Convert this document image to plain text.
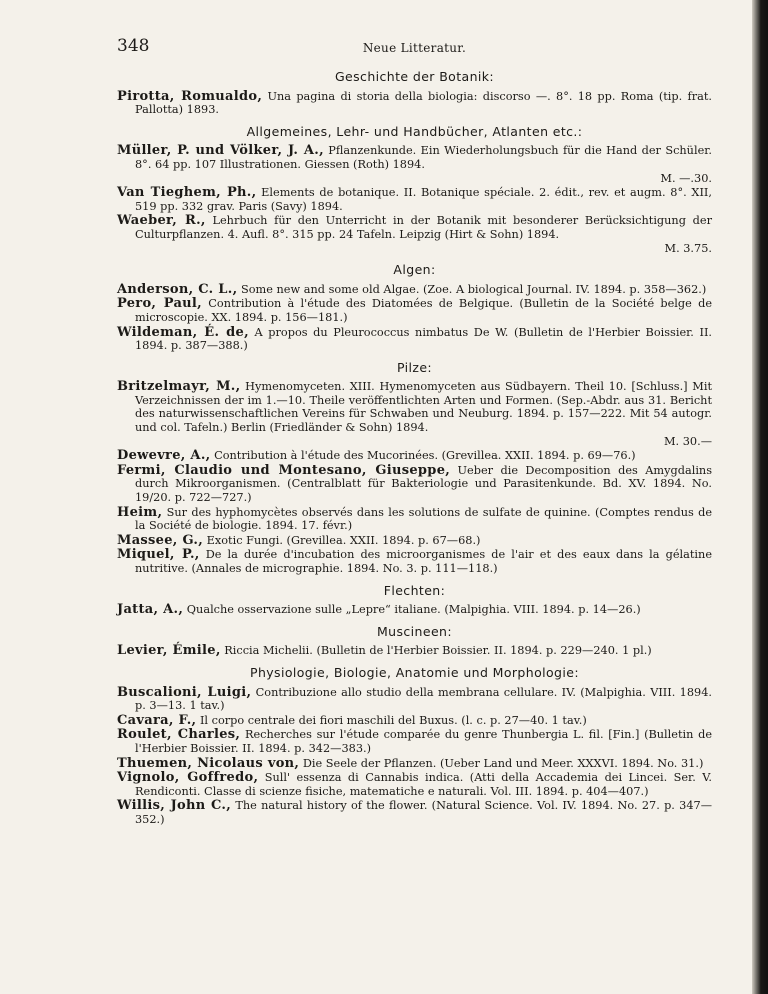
348	Neue Litteratur.
Geschichte der Botanik:
Pirotta, Romualdo, Una pagina di storia della biologia: discorso —. 8°. 18 pp. Roma (tip. frat. Pallotta) 1893.
Allgemeines, Lehr- und Handbücher, Atlanten etc.:
Müller, P. und Völker, J. A., Pflanzenkunde. Ein Wiederholungsbuch für die Hand der Schüler. 8°. 64 pp. 107 Illustrationen. Giessen (Roth) 1894.

M. —.30.
Van Tieghem, Ph., Elements de botanique. II. Botanique spéciale. 2. édit., rev. et augm. 8°. XII, 519 pp. 332 grav. Paris (Savy) 1894.
Waeber, R., Lehrbuch für den Unterricht in der Botanik mit besonderer Berücksichtigung der Culturpflanzen. 4. Aufl. 8°. 315 pp. 24 Tafeln. Leipzig (Hirt & Sohn) 1894.

M. 3.75.
Algen:
Anderson, C. L., Some new and some old Algae. (Zoe. A biological Journal. IV. 1894. p. 358—362.)
Pero, Paul, Contribution à l'étude des Diatomées de Belgique. (Bulletin de la Société belge de microscopie. XX. 1894. p. 156—181.)
Wildeman, É. de, A propos du Pleurococcus nimbatus De W. (Bulletin de l'Herbier Boissier. II. 1894. p. 387—388.)
Pilze:
Britzelmayr, M., Hymenomyceten. XIII. Hymenomyceten aus Südbayern. Theil 10. [Schluss.] Mit Verzeichnissen der im 1.—10. Theile veröffentlichten Arten und Formen. (Sep.-Abdr. aus 31. Bericht des naturwissenschaftlichen Vereins für Schwaben und Neuburg. 1894. p. 157—222. Mit 54 autogr. und col. Tafeln.) Berlin (Friedländer & Sohn) 1894.

M. 30.—
Dewevre, A., Contribution à l'étude des Mucorinées. (Grevillea. XXII. 1894. p. 69—76.)
Fermi, Claudio und Montesano, Giuseppe, Ueber die Decomposition des Amygdalins durch Mikroorganismen. (Centralblatt für Bakteriologie und Parasitenkunde. Bd. XV. 1894. No. 19/20. p. 722—727.)
Heim, Sur des hyphomycètes observés dans les solutions de sulfate de quinine. (Comptes rendus de la Société de biologie. 1894. 17. févr.)
Massee, G., Exotic Fungi. (Grevillea. XXII. 1894. p. 67—68.)
Miquel, P., De la durée d'incubation des microorganismes de l'air et des eaux dans la gélatine nutritive. (Annales de micrographie. 1894. No. 3. p. 111—118.)
Flechten:
Jatta, A., Qualche osservazione sulle „Lepre“ italiane. (Malpighia. VIII. 1894. p. 14—26.)
Muscineen:
Levier, Émile, Riccia Michelii. (Bulletin de l'Herbier Boissier. II. 1894. p. 229—240. 1 pl.)
Physiologie, Biologie, Anatomie und Morphologie:
Buscalioni, Luigi, Contribuzione allo studio della membrana cellulare. IV. (Malpighia. VIII. 1894. p. 3—13. 1 tav.)
Cavara, F., Il corpo centrale dei fiori maschili del Buxus. (l. c. p. 27—40. 1 tav.)
Roulet, Charles, Recherches sur l'étude comparée du genre Thunbergia L. fil. [Fin.] (Bulletin de l'Herbier Boissier. II. 1894. p. 342—383.)
Thuemen, Nicolaus von, Die Seele der Pflanzen. (Ueber Land und Meer. XXXVI. 1894. No. 31.)
Vignolo, Goffredo, Sull' essenza di Cannabis indica. (Atti della Accademia dei Lincei. Ser. V. Rendiconti. Classe di scienze fisiche, matematiche e naturali. Vol. III. 1894. p. 404—407.)
Willis, John C., The natural history of the flower. (Natural Science. Vol. IV. 1894. No. 27. p. 347—352.)
